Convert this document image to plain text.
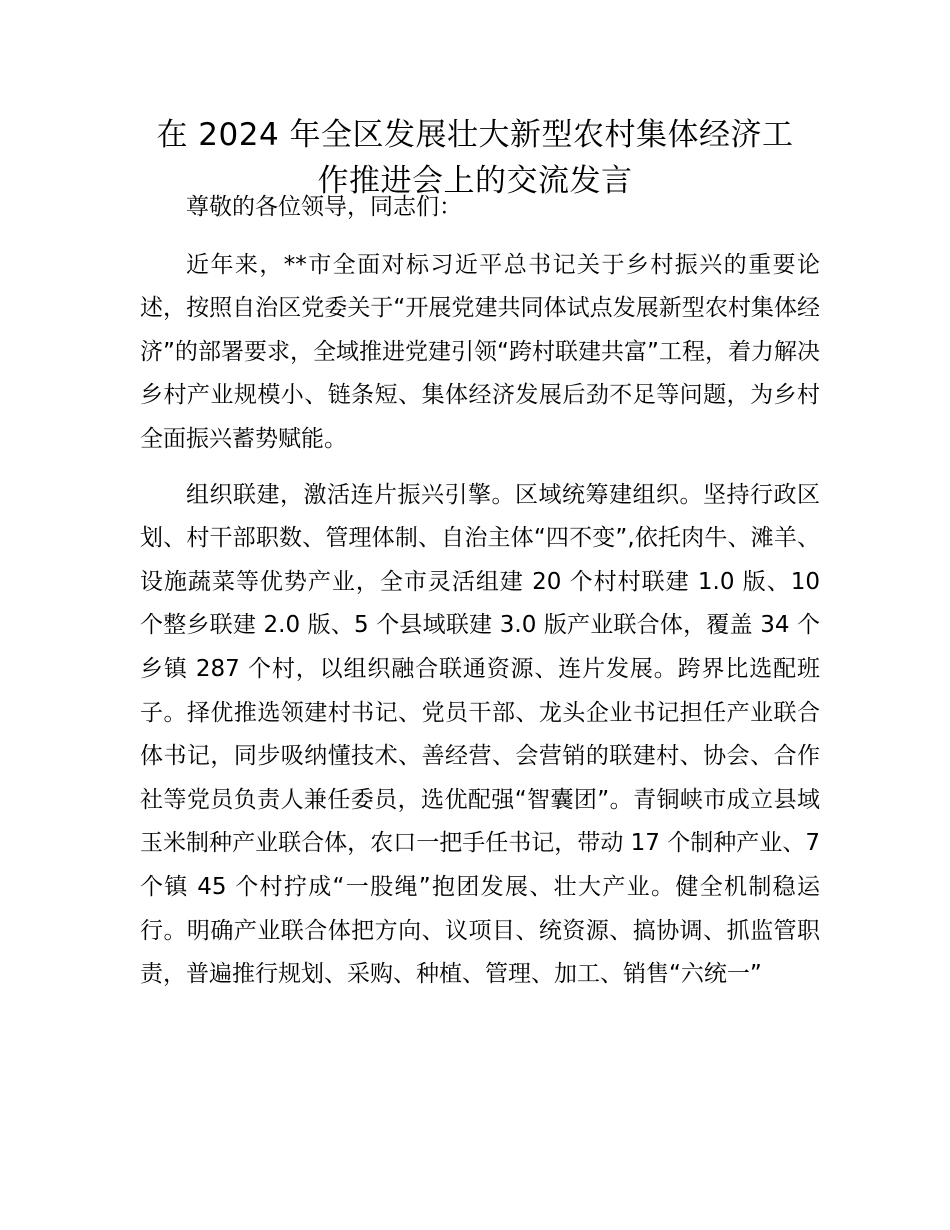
在 2024 年全区发展壮大新型农村集体经济工
作推进会上的交流发言

尊敬的各位领导，同志们：

近年来，**市全面对标习近平总书记关于乡村振兴的重要论述，按照自治区党委关于“开展党建共同体试点发展新型农村集体经济”的部署要求，全域推进党建引领“跨村联建共富”工程，着力解决乡村产业规模小、链条短、集体经济发展后劲不足等问题，为乡村全面振兴蓄势赋能。

组织联建，激活连片振兴引擎。区域统筹建组织。坚持行政区划、村干部职数、管理体制、自治主体“四不变”,依托肉牛、滩羊、设施蔬菜等优势产业，全市灵活组建 20 个村村联建 1.0 版、10 个整乡联建 2.0 版、5 个县域联建 3.0 版产业联合体，覆盖 34 个乡镇 287 个村，以组织融合联通资源、连片发展。跨界比选配班子。择优推选领建村书记、党员干部、龙头企业书记担任产业联合体书记，同步吸纳懂技术、善经营、会营销的联建村、协会、合作社等党员负责人兼任委员，选优配强“智囊团”。青铜峡市成立县域玉米制种产业联合体，农口一把手任书记，带动 17 个制种产业、7 个镇 45 个村拧成“一股绳”抱团发展、壮大产业。健全机制稳运行。明确产业联合体把方向、议项目、统资源、搞协调、抓监管职责，普遍推行规划、采购、种植、管理、加工、销售“六统一”
